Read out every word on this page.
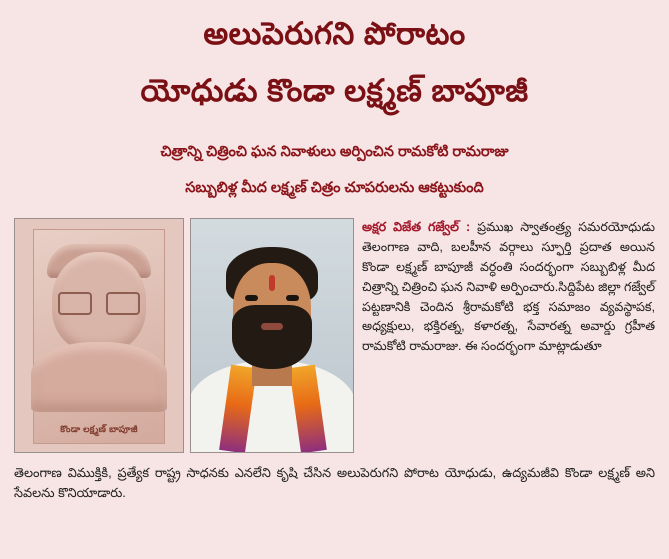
అలుపెరుగని పోరాటం
యోధుడు కొండా లక్ష్మణ్ బాపూజీ
చిత్రాన్ని చిత్రించి ఘన నివాళులు అర్పించిన రామకోటి రామరాజు
సబ్బుబిళ్ల మీద లక్ష్మణ్ చిత్రం చూపరులను ఆకట్టుకుంది
కొండా లక్ష్మణ్ బాపూజీ
అక్షర విజేత గజ్వేల్ : ప్రముఖ స్వాతంత్ర్య సమరయోధుడు తెలంగాణ వాది, బలహీన వర్గాలు స్ఫూర్తి ప్రదాత అయిన కొండా లక్ష్మణ్ బాపూజీ వర్ధంతి సందర్భంగా సబ్బుబిళ్ల మీద చిత్రాన్ని చిత్రించి ఘన నివాళి అర్పించారు.సిద్దిపేట జిల్లా గజ్వేల్ పట్టణానికి చెందిన శ్రీరామకోటి భక్త సమాజం వ్యవస్థాపక, అధ్యక్షులు, భక్తిరత్న, కళారత్న, సేవారత్న అవార్డు గ్రహీత రామకోటి రామరాజు. ఈ సందర్భంగా మాట్లాడుతూ
తెలంగాణ విముక్తికి, ప్రత్యేక రాష్ట్ర సాధనకు ఎనలేని కృషి చేసిన అలుపెరుగని పోరాట యోధుడు, ఉద్యమజీవి కొండా లక్ష్మణ్ అని సేవలను కొనియాడారు.
